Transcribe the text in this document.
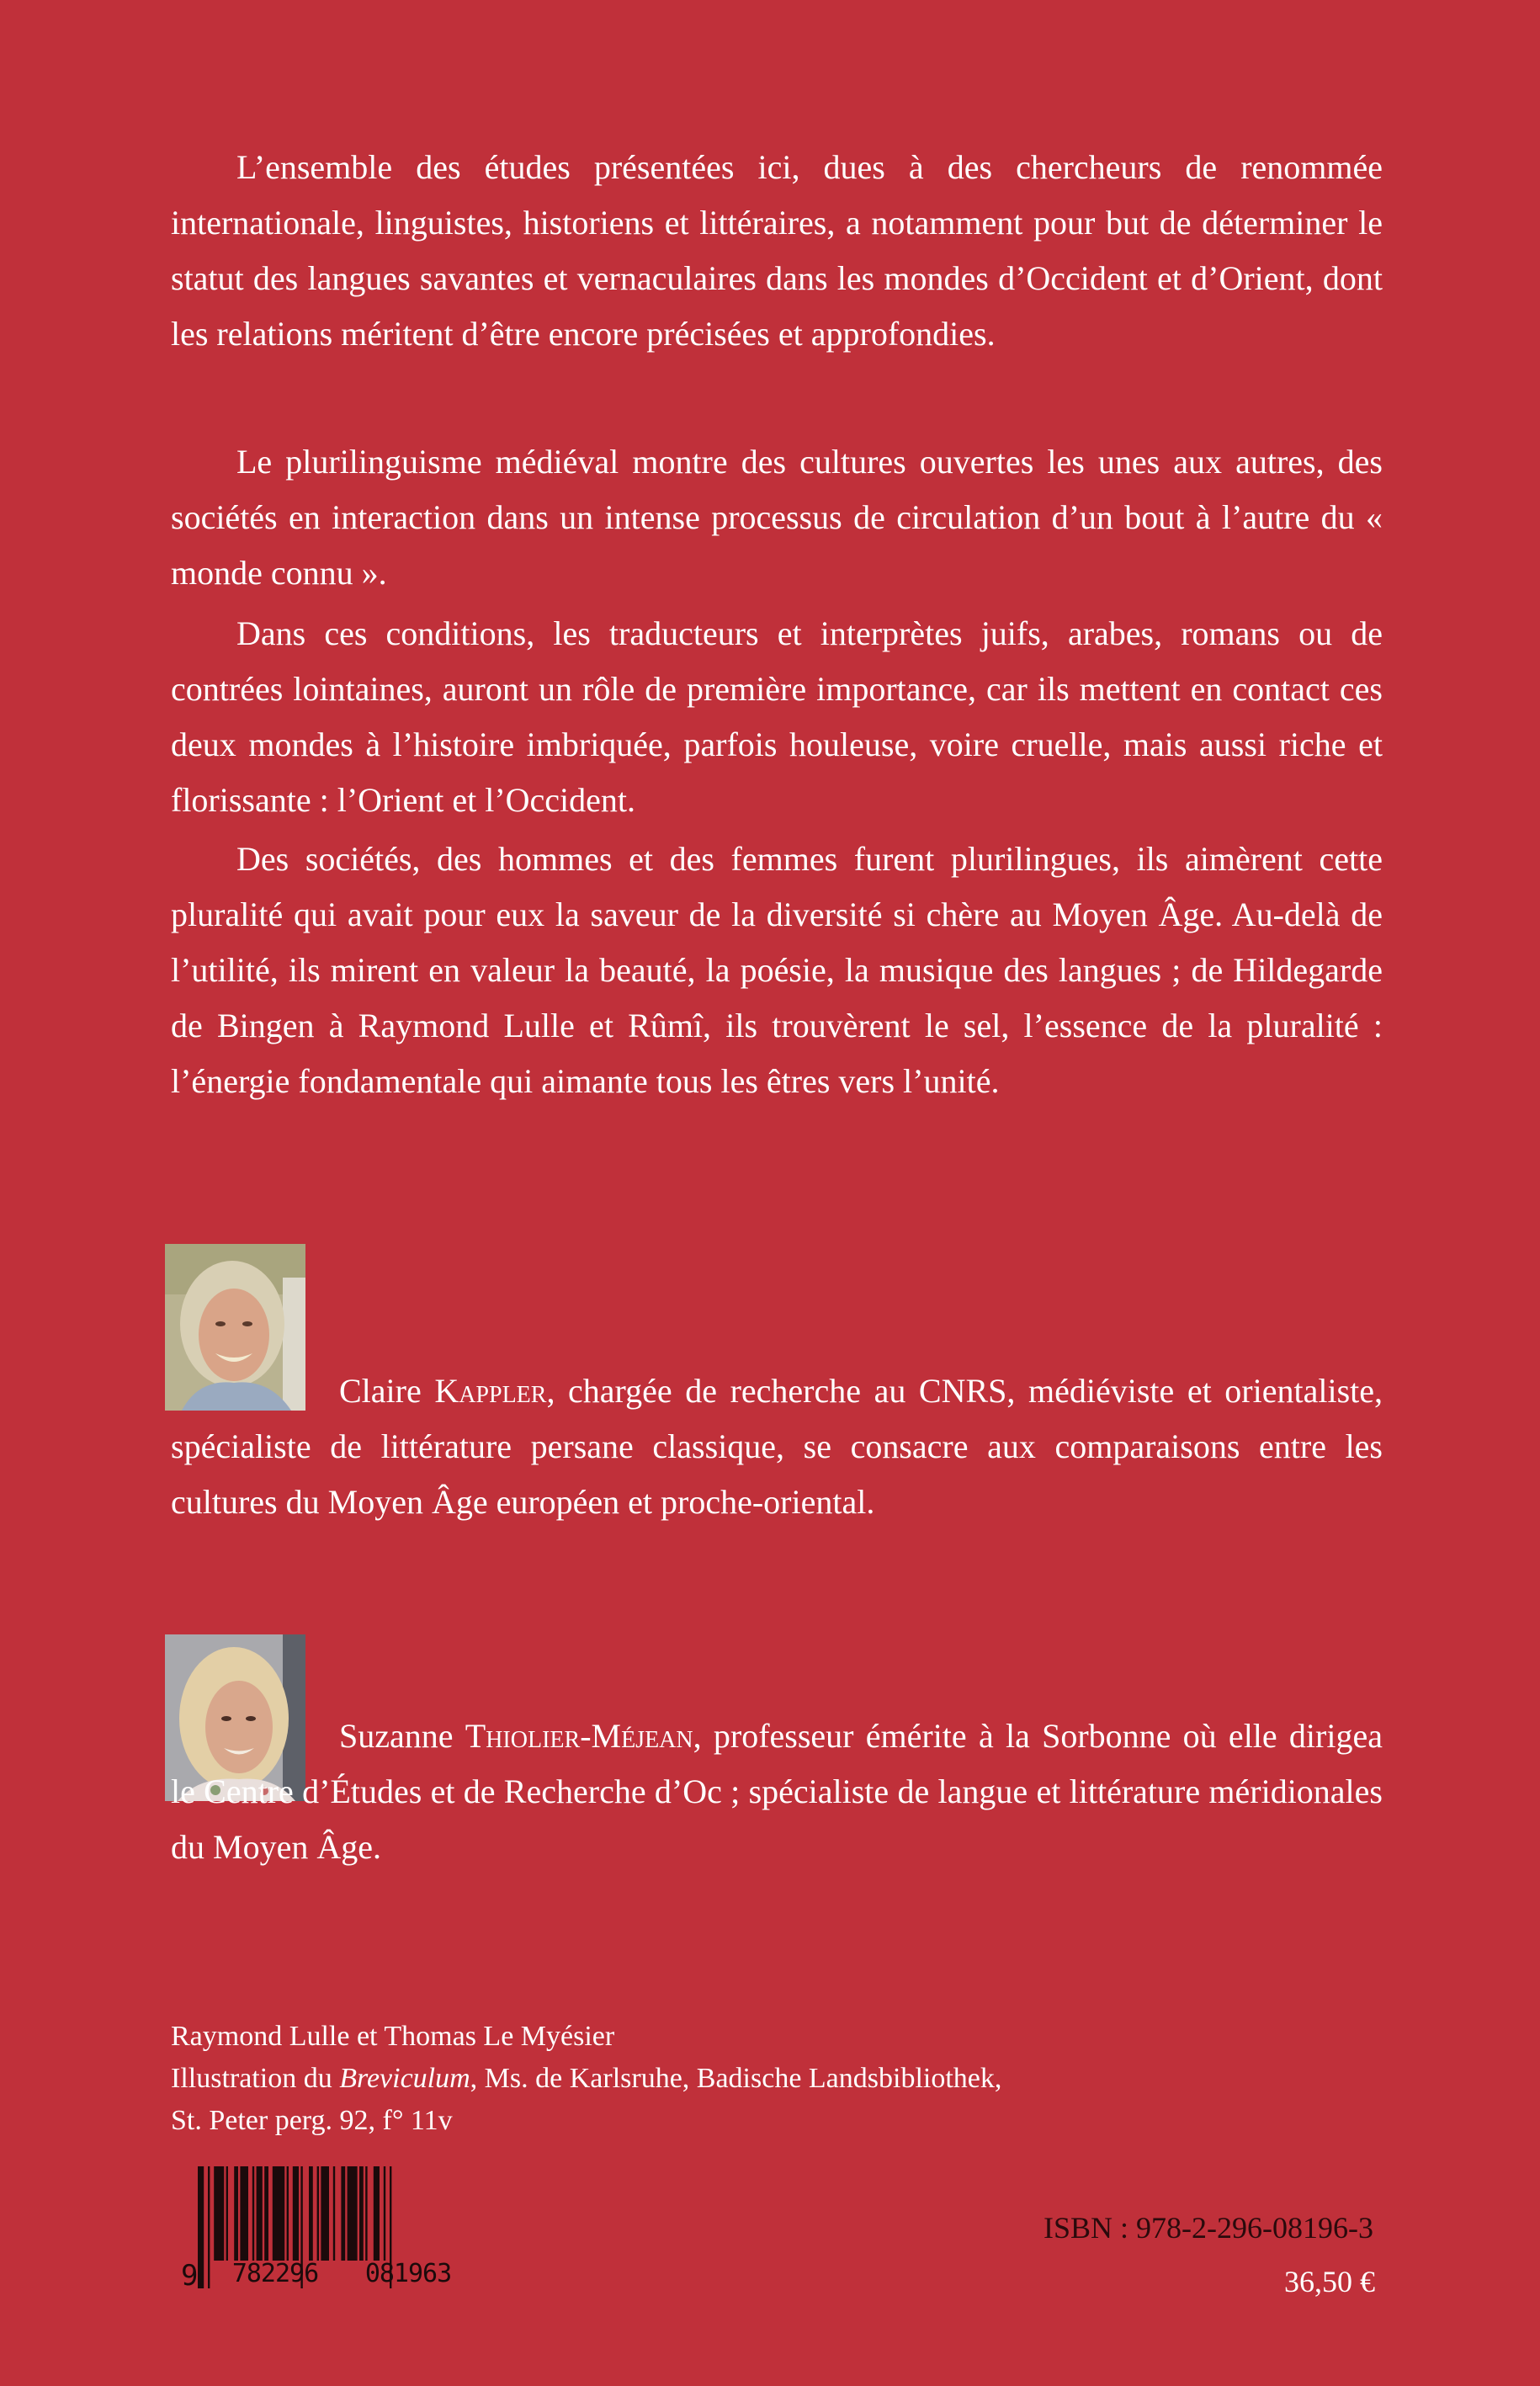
L’ensemble des études présentées ici, dues à des chercheurs de renommée internationale, linguistes, historiens et littéraires, a notamment pour but de déterminer le statut des langues savantes et vernaculaires dans les mondes d’Occident et d’Orient, dont les relations méritent d’être encore précisées et approfondies.

Le plurilinguisme médiéval montre des cultures ouvertes les unes aux autres, des sociétés en interaction dans un intense processus de circulation d’un bout à l’autre du « monde connu ».

Dans ces conditions, les traducteurs et interprètes juifs, arabes, romans ou de contrées lointaines, auront un rôle de première importance, car ils mettent en contact ces deux mondes à l’histoire imbriquée, parfois houleuse, voire cruelle, mais aussi riche et florissante : l’Orient et l’Occident.

Des sociétés, des hommes et des femmes furent plurilingues, ils aimèrent cette pluralité qui avait pour eux la saveur de la diversité si chère au Moyen Âge. Au-delà de l’utilité, ils mirent en valeur la beauté, la poésie, la musique des langues ; de Hildegarde de Bingen à Raymond Lulle et Rûmî, ils trouvèrent le sel, l’essence de la pluralité : l’énergie fondamentale qui aimante tous les êtres vers l’unité.

Claire Kappler, chargée de recherche au CNRS, médiéviste et orientaliste, spécialiste de littérature persane classique, se consacre aux comparaisons entre les cultures du Moyen Âge européen et proche-oriental.

Suzanne Thiolier-Méjean, professeur émérite à la Sorbonne où elle dirigea le Centre d’Études et de Recherche d’Oc ; spécialiste de langue et littérature méridionales du Moyen Âge.

Raymond Lulle et Thomas Le Myésier
Illustration du Breviculum, Ms. de Karlsruhe, Badische Landsbibliothek,
St. Peter perg. 92, f° 11v
9	782296	081963
ISBN : 978-2-296-08196-3
36,50 €
